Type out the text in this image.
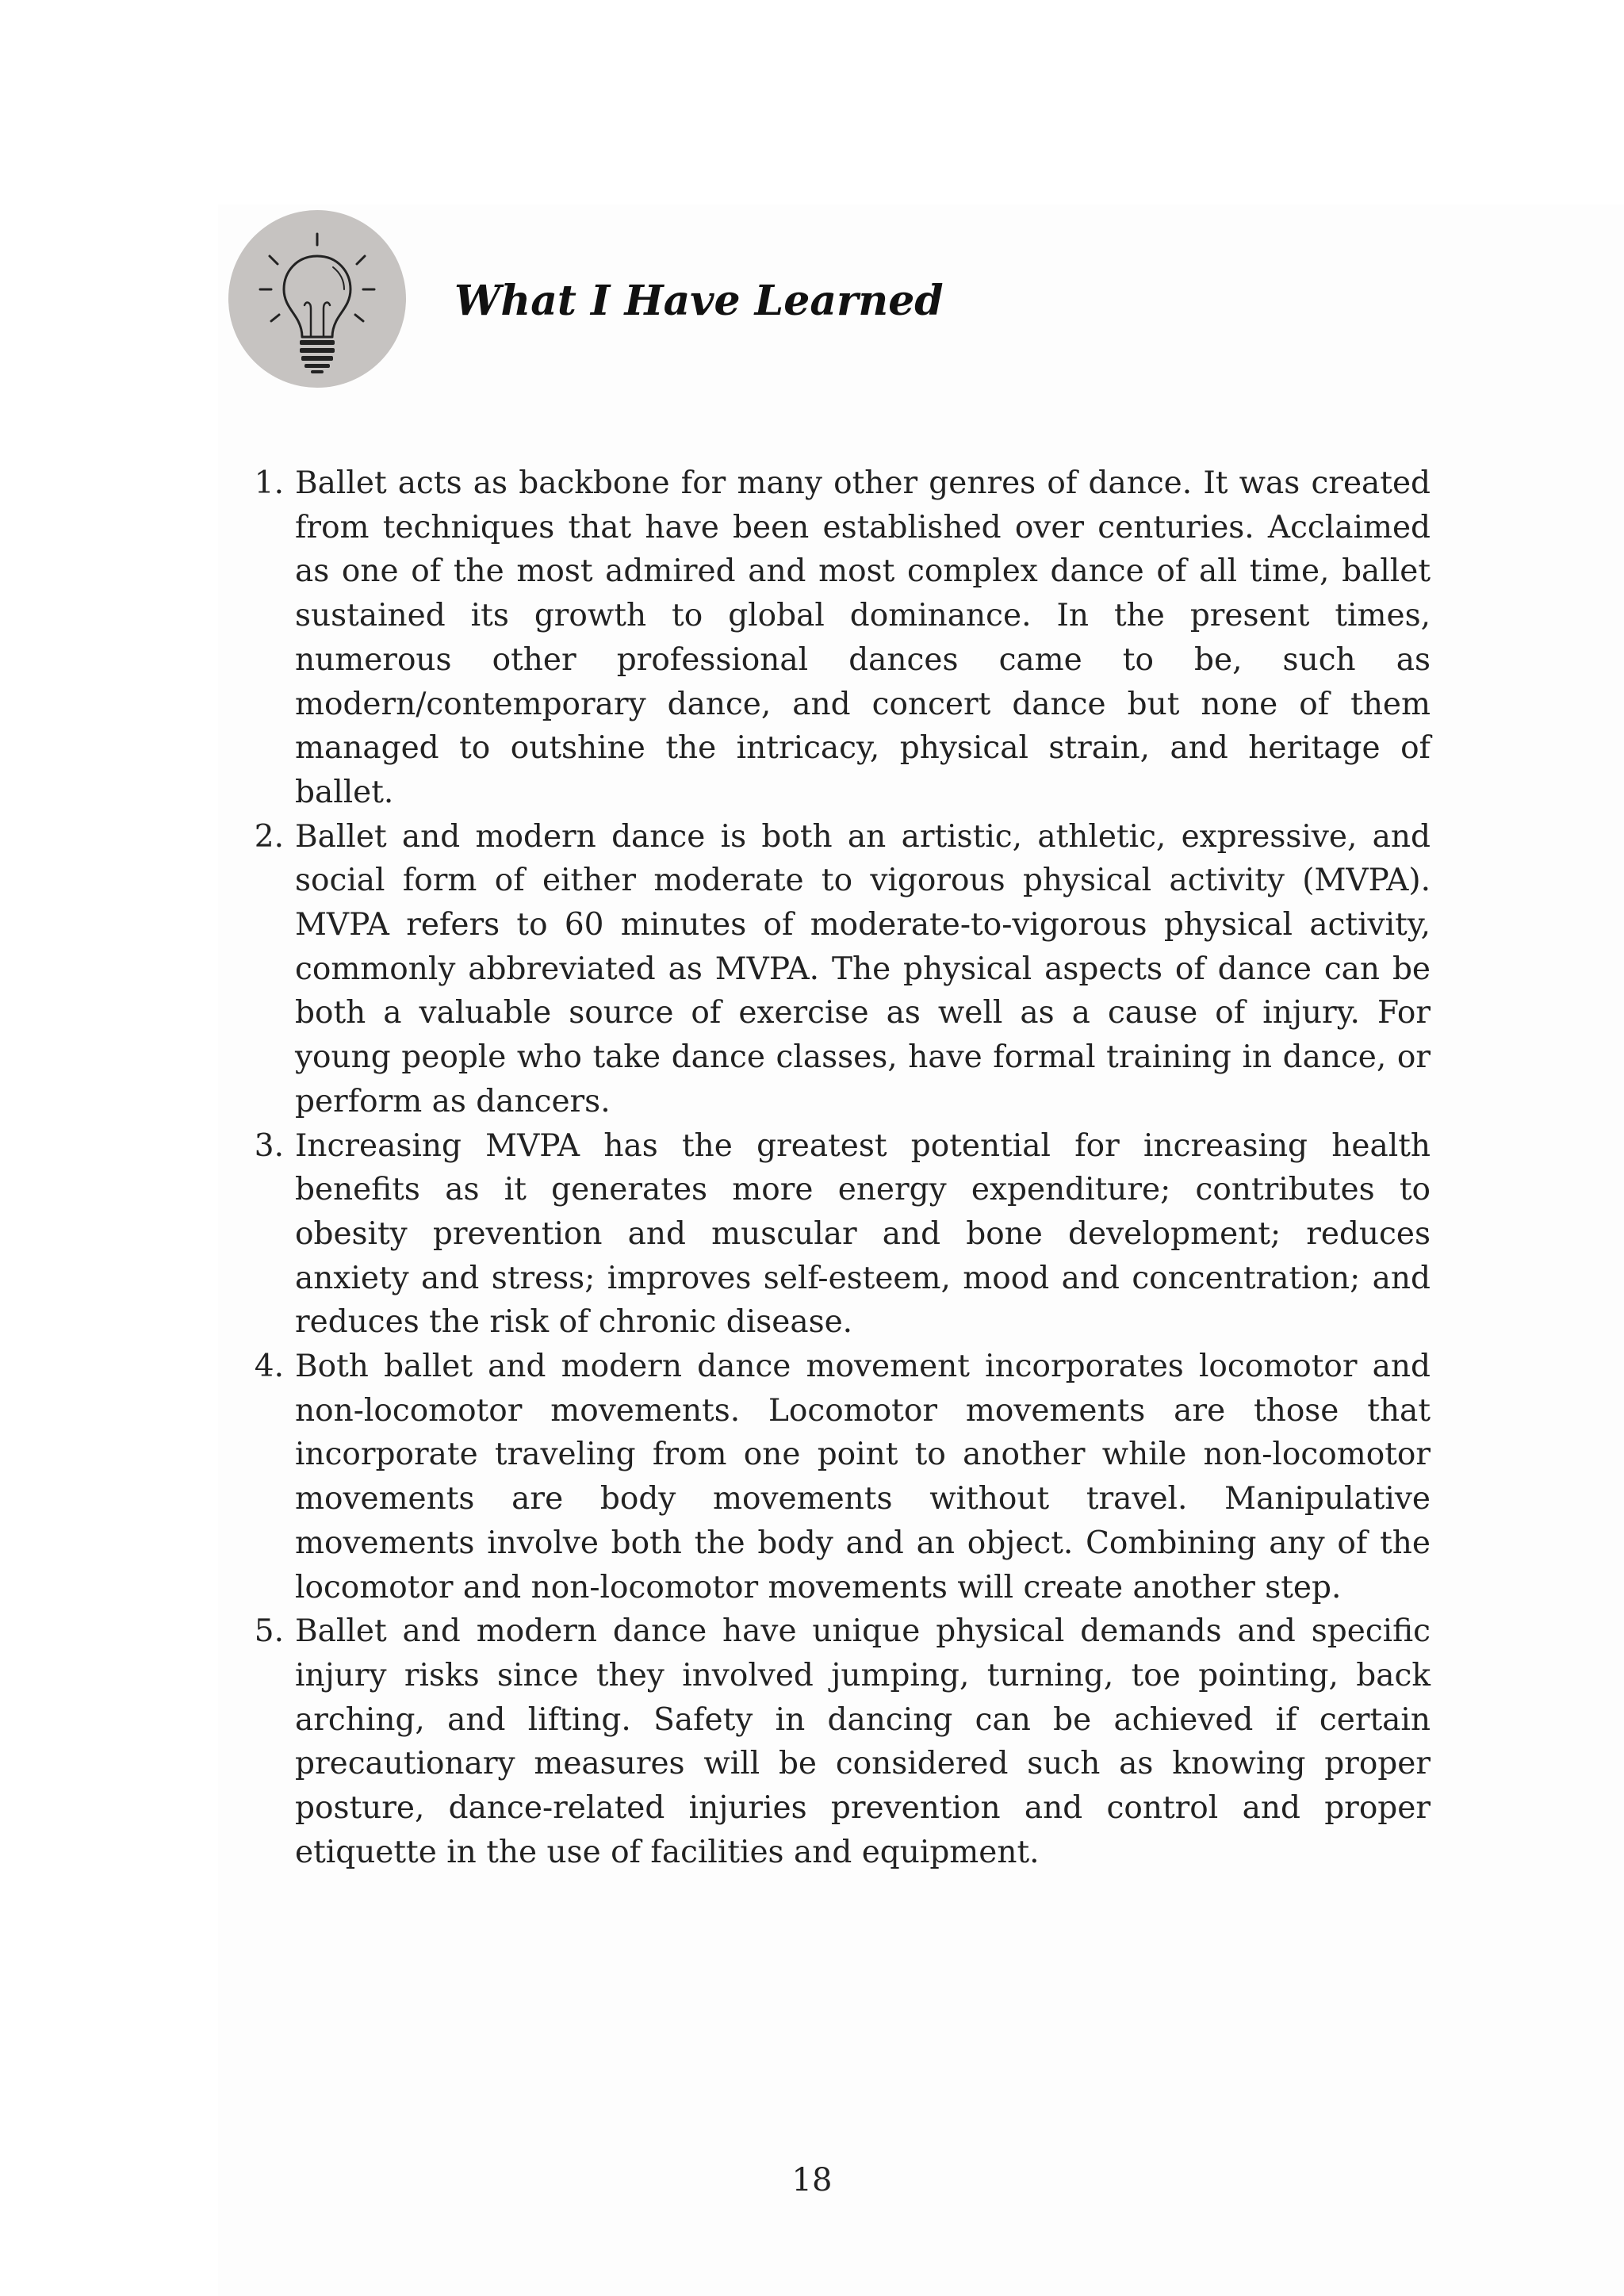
What I Have Learned
1. Ballet acts as backbone for many other genres of dance. It was created from techniques that have been established over centuries. Acclaimed as one of the most admired and most complex dance of all time, ballet sustained its growth to global dominance. In the present times, numerous other professional dances came to be, such as modern/contemporary dance, and concert dance but none of them managed to outshine the intricacy, physical strain, and heritage of ballet.
2. Ballet and modern dance is both an artistic, athletic, expressive, and social form of either moderate to vigorous physical activity (MVPA). MVPA refers to 60 minutes of moderate-to-vigorous physical activity, commonly abbreviated as MVPA. The physical aspects of dance can be both a valuable source of exercise as well as a cause of injury. For young people who take dance classes, have formal training in dance, or perform as dancers.
3. Increasing MVPA has the greatest potential for increasing health benefits as it generates more energy expenditure; contributes to obesity prevention and muscular and bone development; reduces anxiety and stress; improves self-esteem, mood and concentration; and reduces the risk of chronic disease.
4. Both ballet and modern dance movement incorporates locomotor and non-locomotor movements. Locomotor movements are those that incorporate traveling from one point to another while non-locomotor movements are body movements without travel. Manipulative movements involve both the body and an object. Combining any of the locomotor and non-locomotor movements will create another step.
5. Ballet and modern dance have unique physical demands and specific injury risks since they involved jumping, turning, toe pointing, back arching, and lifting. Safety in dancing can be achieved if certain precautionary measures will be considered such as knowing proper posture, dance-related injuries prevention and control and proper etiquette in the use of facilities and equipment.
18
